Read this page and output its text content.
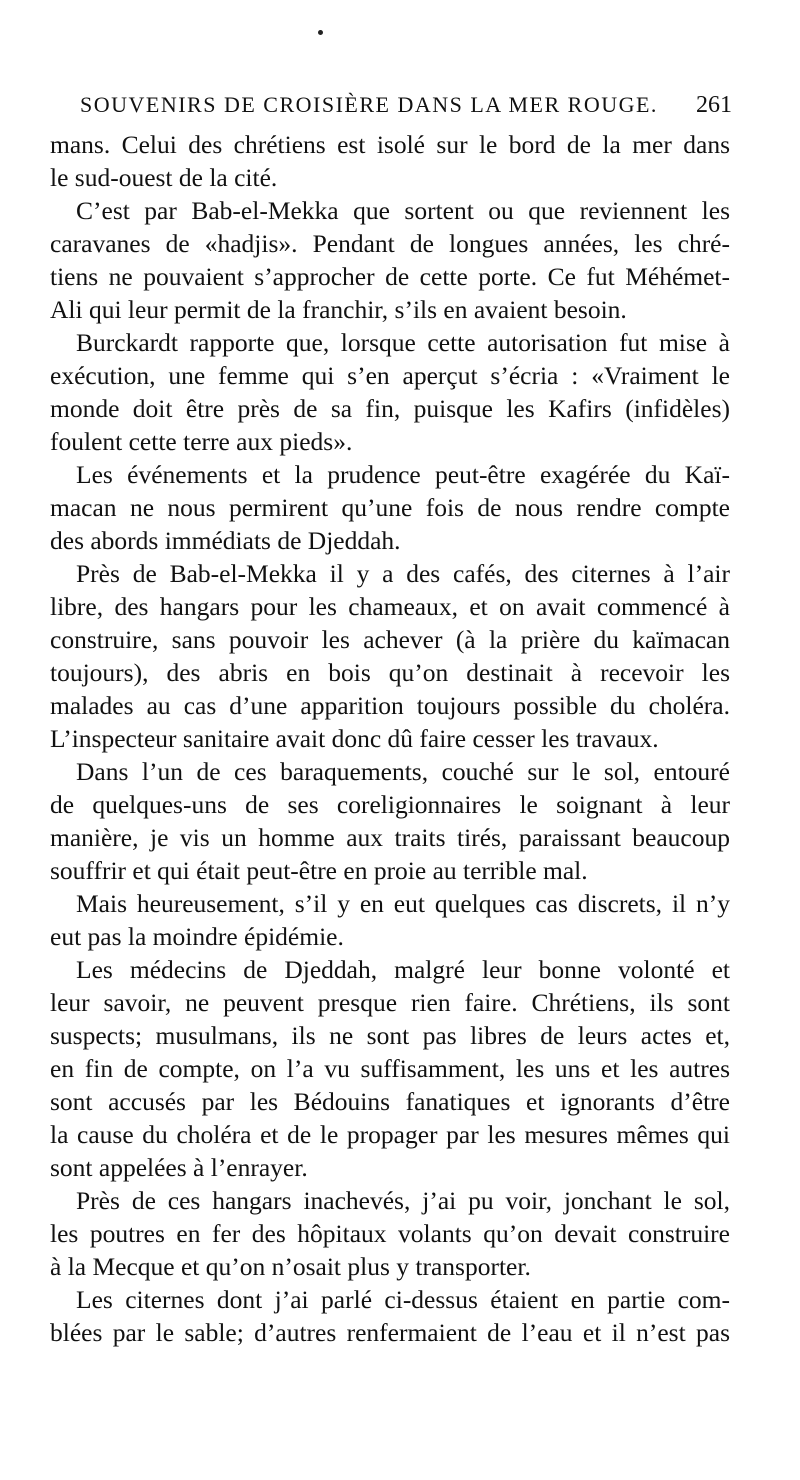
SOUVENIRS DE CROISIÈRE DANS LA MER ROUGE. 261
mans. Celui des chrétiens est isolé sur le bord de la mer dans
le sud-ouest de la cité.
C’est par Bab-el-Mekka que sortent ou que reviennent les
caravanes de «hadjis». Pendant de longues années, les chré-
tiens ne pouvaient s’approcher de cette porte. Ce fut Méhémet-
Ali qui leur permit de la franchir, s’ils en avaient besoin.
Burckardt rapporte que, lorsque cette autorisation fut mise à
exécution, une femme qui s’en aperçut s’écria : «Vraiment le
monde doit être près de sa fin, puisque les Kafirs (infidèles)
foulent cette terre aux pieds».
Les événements et la prudence peut-être exagérée du Kaï-
macan ne nous permirent qu’une fois de nous rendre compte
des abords immédiats de Djeddah.
Près de Bab-el-Mekka il y a des cafés, des citernes à l’air
libre, des hangars pour les chameaux, et on avait commencé à
construire, sans pouvoir les achever (à la prière du kaïmacan
toujours), des abris en bois qu’on destinait à recevoir les
malades au cas d’une apparition toujours possible du choléra.
L’inspecteur sanitaire avait donc dû faire cesser les travaux.
Dans l’un de ces baraquements, couché sur le sol, entouré
de quelques-uns de ses coreligionnaires le soignant à leur
manière, je vis un homme aux traits tirés, paraissant beaucoup
souffrir et qui était peut-être en proie au terrible mal.
Mais heureusement, s’il y en eut quelques cas discrets, il n’y
eut pas la moindre épidémie.
Les médecins de Djeddah, malgré leur bonne volonté et
leur savoir, ne peuvent presque rien faire. Chrétiens, ils sont
suspects; musulmans, ils ne sont pas libres de leurs actes et,
en fin de compte, on l’a vu suffisamment, les uns et les autres
sont accusés par les Bédouins fanatiques et ignorants d’être
la cause du choléra et de le propager par les mesures mêmes qui
sont appelées à l’enrayer.
Près de ces hangars inachevés, j’ai pu voir, jonchant le sol,
les poutres en fer des hôpitaux volants qu’on devait construire
à la Mecque et qu’on n’osait plus y transporter.
Les citernes dont j’ai parlé ci-dessus étaient en partie com-
blées par le sable; d’autres renfermaient de l’eau et il n’est pas
